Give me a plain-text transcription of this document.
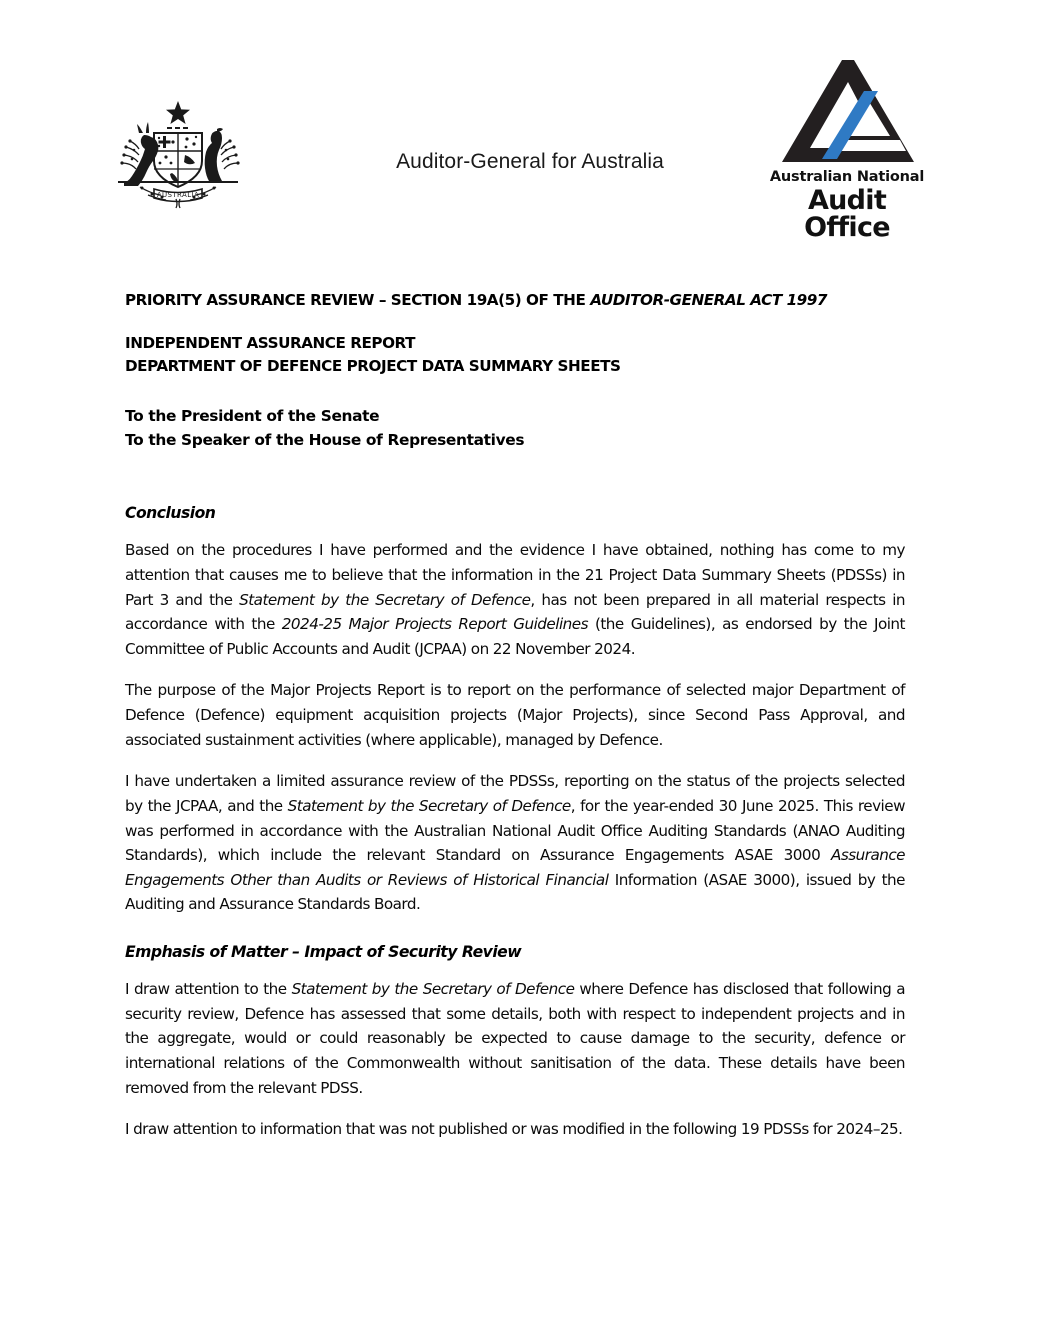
AUSTRALIA
Auditor-General for Australia
Australian National
Audit Office
PRIORITY ASSURANCE REVIEW – SECTION 19A(5) OF THE AUDITOR-GENERAL ACT 1997
INDEPENDENT ASSURANCE REPORT
DEPARTMENT OF DEFENCE PROJECT DATA SUMMARY SHEETS
To the President of the Senate
To the Speaker of the House of Representatives
Conclusion

Based on the procedures I have performed and the evidence I have obtained, nothing has come to my attention that causes me to believe that the information in the 21 Project Data Summary Sheets (PDSSs) in Part 3 and the Statement by the Secretary of Defence, has not been prepared in all material respects in accordance with the 2024-25 Major Projects Report Guidelines (the Guidelines), as endorsed by the Joint Committee of Public Accounts and Audit (JCPAA) on 22 November 2024.

The purpose of the Major Projects Report is to report on the performance of selected major Department of Defence (Defence) equipment acquisition projects (Major Projects), since Second Pass Approval, and associated sustainment activities (where applicable), managed by Defence.

I have undertaken a limited assurance review of the PDSSs, reporting on the status of the projects selected by the JCPAA, and the Statement by the Secretary of Defence, for the year-ended 30 June 2025. This review was performed in accordance with the Australian National Audit Office Auditing Standards (ANAO Auditing Standards), which include the relevant Standard on Assurance Engagements ASAE 3000 Assurance Engagements Other than Audits or Reviews of Historical Financial Information (ASAE 3000), issued by the Auditing and Assurance Standards Board.

Emphasis of Matter – Impact of Security Review

I draw attention to the Statement by the Secretary of Defence where Defence has disclosed that following a security review, Defence has assessed that some details, both with respect to independent projects and in the aggregate, would or could reasonably be expected to cause damage to the security, defence or international relations of the Commonwealth without sanitisation of the data. These details have been removed from the relevant PDSS.

I draw attention to information that was not published or was modified in the following 19 PDSSs for 2024–25.
